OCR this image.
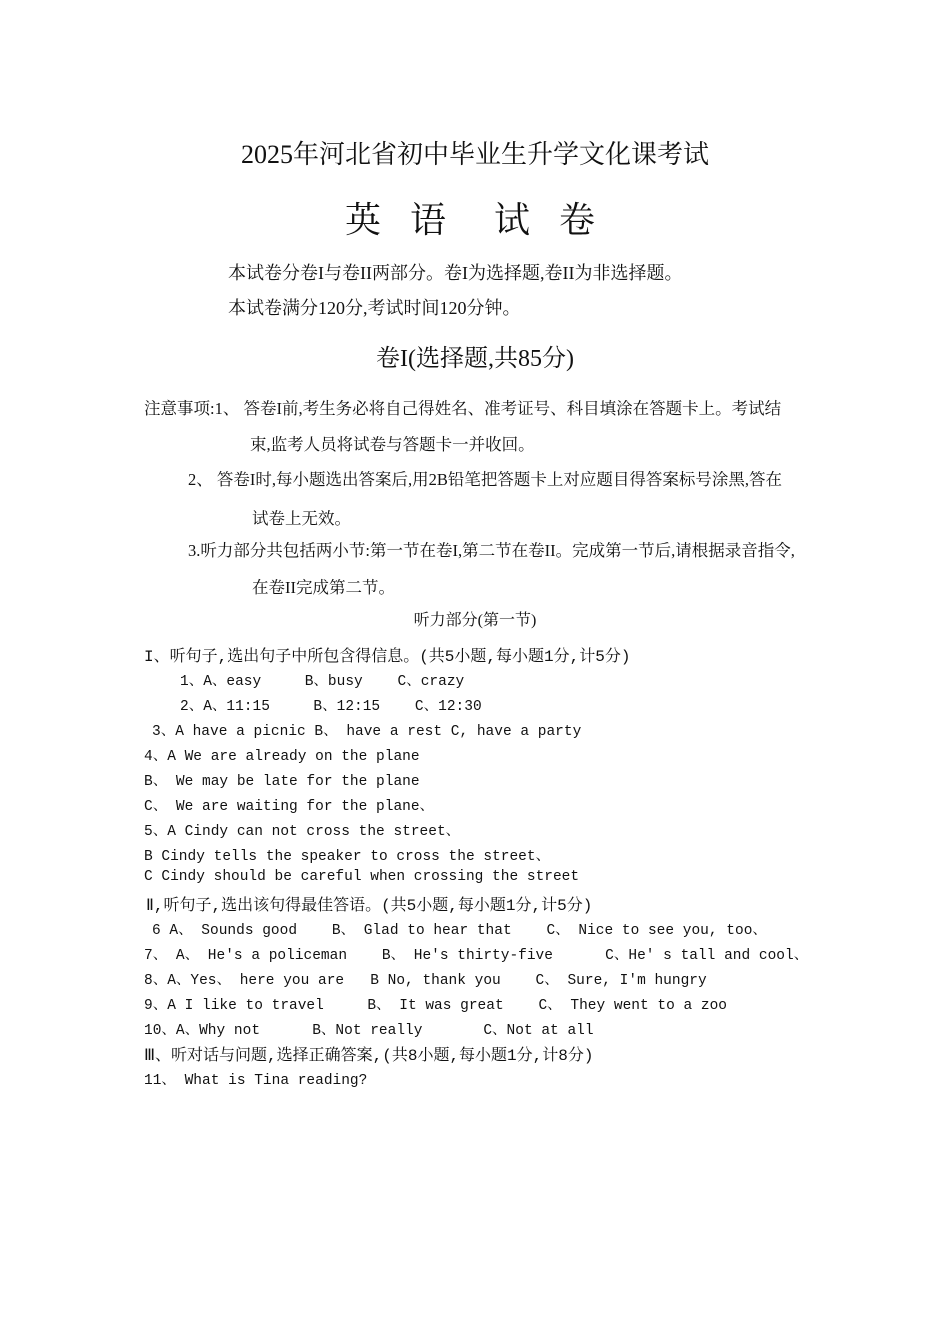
2025年河北省初中毕业生升学文化课考试
英 语  试 卷
本试卷分卷I与卷II两部分。卷I为选择题,卷II为非选择题。
本试卷满分120分,考试时间120分钟。
卷I(选择题,共85分)
注意事项:1、 答卷I前,考生务必将自己得姓名、准考证号、科目填涂在答题卡上。考试结
束,监考人员将试卷与答题卡一并收回。
2、 答卷I时,每小题选出答案后,用2B铅笔把答题卡上对应题目得答案标号涂黑,答在
试卷上无效。
3.听力部分共包括两小节:第一节在卷I,第二节在卷II。完成第一节后,请根据录音指令,
在卷II完成第二节。
听力部分(第一节)
I、听句子,选出句子中所包含得信息。(共5小题,每小题1分,计5分)
1、A、easy     B、busy    C、crazy
2、A、11:15     B、12:15    C、12:30
3、A have a picnic B、 have a rest C, have a party
4、A We are already on the plane
B、 We may be late for the plane
C、 We are waiting for the plane、
5、A Cindy can not cross the street、
B Cindy tells the speaker to cross the street、
C Cindy should be careful when crossing the street
Ⅱ,听句子,选出该句得最佳答语。(共5小题,每小题1分,计5分)
6 A、 Sounds good    B、 Glad to hear that    C、 Nice to see you, too、
7、 A、 He's a policeman    B、 He's thirty-five      C、He' s tall and cool、
8、A、Yes、 here you are   B No, thank you    C、 Sure, I'm hungry
9、A I like to travel     B、 It was great    C、 They went to a zoo
10、A、Why not      B、Not really       C、Not at all
Ⅲ、听对话与问题,选择正确答案,(共8小题,每小题1分,计8分)
11、 What is Tina reading?
